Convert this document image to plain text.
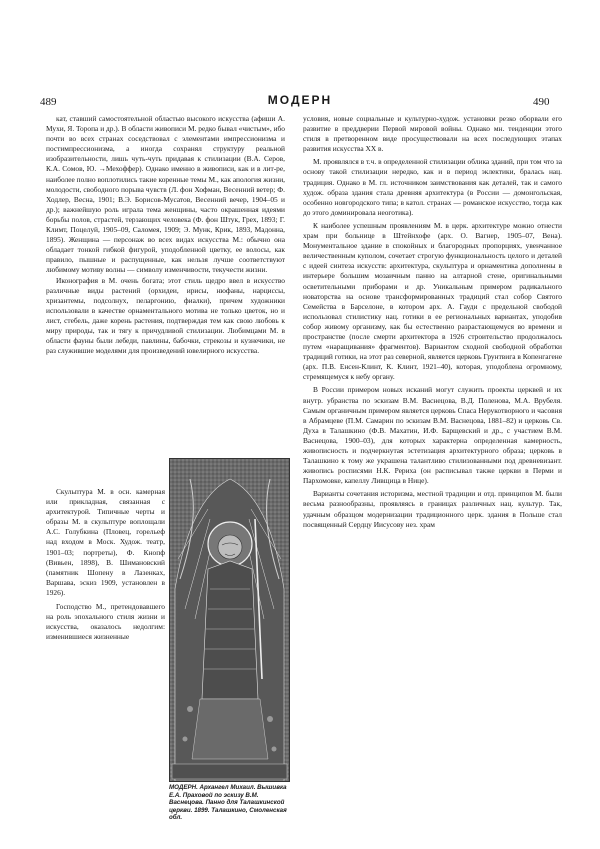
489	МОДЕРН	490

кат, ставший самостоятельной областью высокого искусства (афиши А. Мухи, Я. Торопа и др.). В области живописи М. редко бывал «чистым», ибо почти во всех странах соседствовал с элементами импрессионизма и постимпрессионизма, а иногда сохранял структуру реальной изобразительности, лишь чуть-чуть придавая к стилизации (В.А. Серов, К.А. Сомов, Ю. →Мехоффер). Однако именно в живописи, как и в лит-ре, наиболее полно воплотились такие коренные темы М., как апология жизни, молодости, свободного порыва чувств (Л. фон Хофман, Весенний ветер; Ф. Ходлер, Весна, 1901; В.Э. Борисов-Мусатов, Весенний вечер, 1904–05 и др.); важнейшую роль играла тема женщины, часто окрашенная идеями борьбы полов, страстей, терзающих человека (Ф. фон Штук, Грех, 1893; Г. Климт, Поцелуй, 1905–09, Саломея, 1909; Э. Мунк, Крик, 1893, Мадонна, 1895). Женщина — персонаж во всех видах искусства М.: обычно она обладает тонкой гибкой фигурой, уподобленной цветку, ее волосы, как правило, пышные и распущенные, как нельзя лучше соответствуют любимому мотиву волны — символу изменчивости, текучести жизни.

Иконография в М. очень богата; этот стиль щедро ввел в искусство различные виды растений (орхидеи, ирисы, нюфаны, нарциссы, хризантемы, подсолнух, пеларгонию, фиалки), причем художники использовали в качестве орнаментального мотива не только цветок, но и лист, стебель, даже корень растения, подтверждая тем как свою любовь к миру природы, так и тягу к причудливой стилизации. Любимцами М. в области фауны были лебеди, павлины, бабочки, стрекозы и кузнечики, не раз служившие моделями для произведений ювелирного искусства.

Скульптура М. в осн. камерная или прикладная, связанная с архитектурой. Типичные черты и образы М. в скульптуре воплощали А.С. Голубкина (Пловец, горельеф над входом в Моск. Худож. театр, 1901–03; портреты), Ф. Кнопф (Вивьен, 1898), В. Шимановский (памятник Шопену в Лазенках, Варшава, эскиз 1909, установлен в 1926).

Господство М., претендовавшего на роль эпохального стиля жизни и искусства, оказалось недолгим: изменившиеся жизненные

МОДЕРН. Архангел Михаил. Вышивка Е.А. Праховой по эскизу В.М. Васнецова. Панно для Талашкинской церкви. 1899. Талашкино, Смоленская обл.

условия, новые социальные и культурно-худож. установки резко оборвали его развитие в преддверии Первой мировой войны. Однако мн. тенденции этого стиля в претворенном виде просуществовали на всех последующих этапах развития искусства XX в.

М. проявлялся в т.ч. в определенной стилизации облика зданий, при том что за основу такой стилизации нередко, как и в период эклектики, бралась нац. традиция. Однако в М. гл. источником заимствования как деталей, так и самого худож. образа здания стала древняя архитектура (в России — домонгольская, особенно новгородского типа; в катол. странах — романское искусство, тогда как до этого доминировала неоготика).

К наиболее успешным проявлениям М. в церк. архитектуре можно отнести храм при больнице в Штейнхофе (арх. О. Вагнер, 1905–07, Вена). Монументальное здание в спокойных и благородных пропорциях, увенчанное величественным куполом, сочетает строгую функциональность целого и деталей с идеей синтеза искусств: архитектура, скульптура и орнаментика дополнены в интерьере большим мозаичным панно на алтарной стене, оригинальными осветительными приборами и др. Уникальным примером радикального новаторства на основе трансформированных традиций стал собор Святого Семейства в Барселоне, в котором арх. А. Гауди с предельной свободой использовал стилистику нац. готики в ее региональных вариантах, уподобив собор живому организму, как бы естественно разрастающемуся во времени и пространстве (после смерти архитектора в 1926 строительство продолжалось путем «наращивания» фрагментов). Вариантом сходной свободной обработки традиций готики, на этот раз северной, является церковь Грунтвига в Копенгагене (арх. П.В. Енсен-Клинт, К. Клинт, 1921–40), которая, уподоблена огромному, стремящемуся к небу органу.

В России примером новых исканий могут служить проекты церквей и их внутр. убранства по эскизам В.М. Васнецова, В.Д. Поленова, М.А. Врубеля. Самым органичным примером является церковь Спаса Нерукотворного и часовня в Абрамцеве (П.М. Самарин по эскизам В.М. Васнецова, 1881–82) и церковь Св. Духа в Талашкино (Ф.В. Махатин, И.Ф. Барщевский и др., с участием В.М. Васнецова, 1900–03), для которых характерна определенная камерность, живописность и подчеркнутая эстетизация архитектурного образа; церковь в Талашкино к тому же украшена талантливо стилизованными под древневизант. живопись росписями Н.К. Рериха (он расписывал также церкви в Перми и Пархомовке, капеллу Ливщица в Нице).

Варианты сочетания историзма, местной традиции и отд. принципов М. были весьма разнообразны, проявляясь в границах различных нац. культур. Так, удачным образцом модернизации традиционного церк. здания в Польше стал посвященный Сердцу Иисусову нез. храм
